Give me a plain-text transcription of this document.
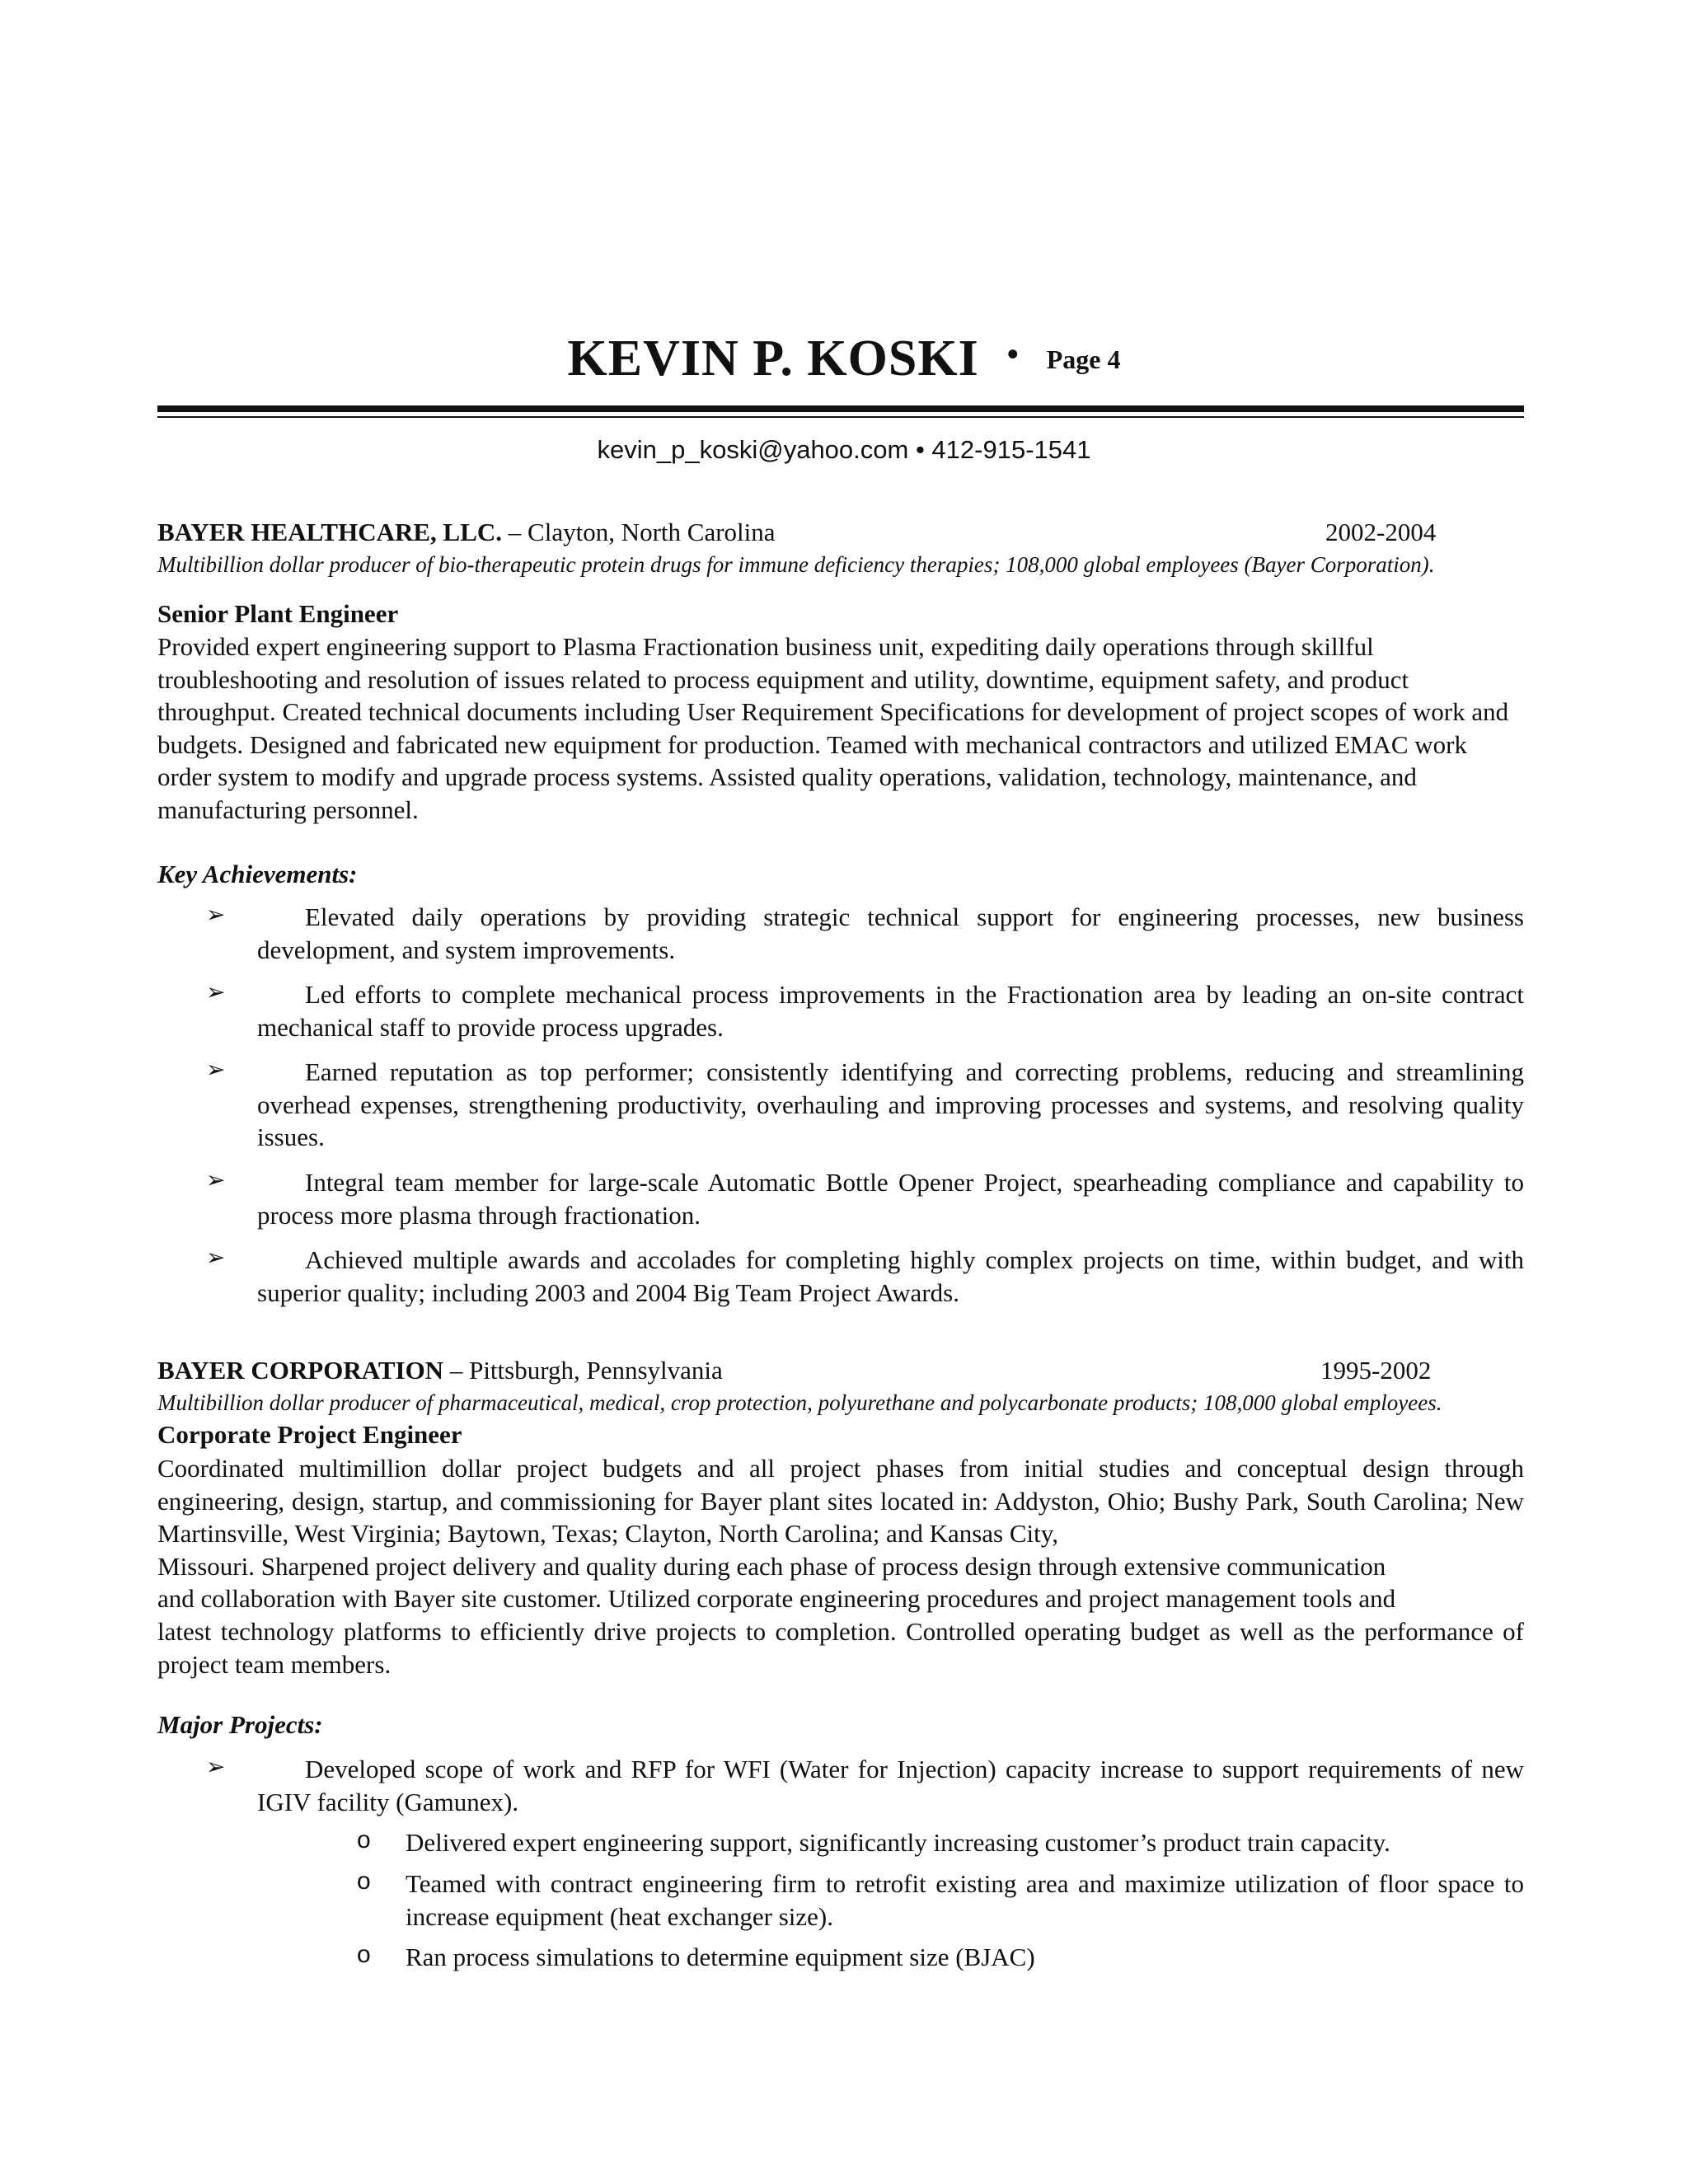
KEVIN P. KOSKI • Page 4
kevin_p_koski@yahoo.com • 412-915-1541
BAYER HEALTHCARE, LLC. – Clayton, North Carolina	2002-2004
Multibillion dollar producer of bio-therapeutic protein drugs for immune deficiency therapies; 108,000 global employees (Bayer Corporation).
Senior Plant Engineer
Provided expert engineering support to Plasma Fractionation business unit, expediting daily operations through skillful troubleshooting and resolution of issues related to process equipment and utility, downtime, equipment safety, and product throughput. Created technical documents including User Requirement Specifications for development of project scopes of work and budgets. Designed and fabricated new equipment for production. Teamed with mechanical contractors and utilized EMAC work order system to modify and upgrade process systems. Assisted quality operations, validation, technology, maintenance, and manufacturing personnel.
Key Achievements:
➢	Elevated daily operations by providing strategic technical support for engineering processes, new business development, and system improvements.
➢	Led efforts to complete mechanical process improvements in the Fractionation area by leading an on-site contract mechanical staff to provide process upgrades.
➢	Earned reputation as top performer; consistently identifying and correcting problems, reducing and streamlining overhead expenses, strengthening productivity, overhauling and improving processes and systems, and resolving quality issues.
➢	Integral team member for large-scale Automatic Bottle Opener Project, spearheading compliance and capability to process more plasma through fractionation.
➢	Achieved multiple awards and accolades for completing highly complex projects on time, within budget, and with superior quality; including 2003 and 2004 Big Team Project Awards.
BAYER CORPORATION – Pittsburgh, Pennsylvania	1995-2002
Multibillion dollar producer of pharmaceutical, medical, crop protection, polyurethane and polycarbonate products; 108,000 global employees.
Corporate Project Engineer
Coordinated multimillion dollar project budgets and all project phases from initial studies and conceptual design through engineering, design, startup, and commissioning for Bayer plant sites located in: Addyston, Ohio; Bushy Park, South Carolina; New Martinsville, West Virginia; Baytown, Texas; Clayton, North Carolina; and Kansas City,
Missouri. Sharpened project delivery and quality during each phase of process design through extensive communication
and collaboration with Bayer site customer. Utilized corporate engineering procedures and project management tools and
latest technology platforms to efficiently drive projects to completion. Controlled operating budget as well as the performance of project team members.
Major Projects:
➢	Developed scope of work and RFP for WFI (Water for Injection) capacity increase to support requirements of new IGIV facility (Gamunex).
o Delivered expert engineering support, significantly increasing customer’s product train capacity.
o Teamed with contract engineering firm to retrofit existing area and maximize utilization of floor space to increase equipment (heat exchanger size).
o Ran process simulations to determine equipment size (BJAC)
